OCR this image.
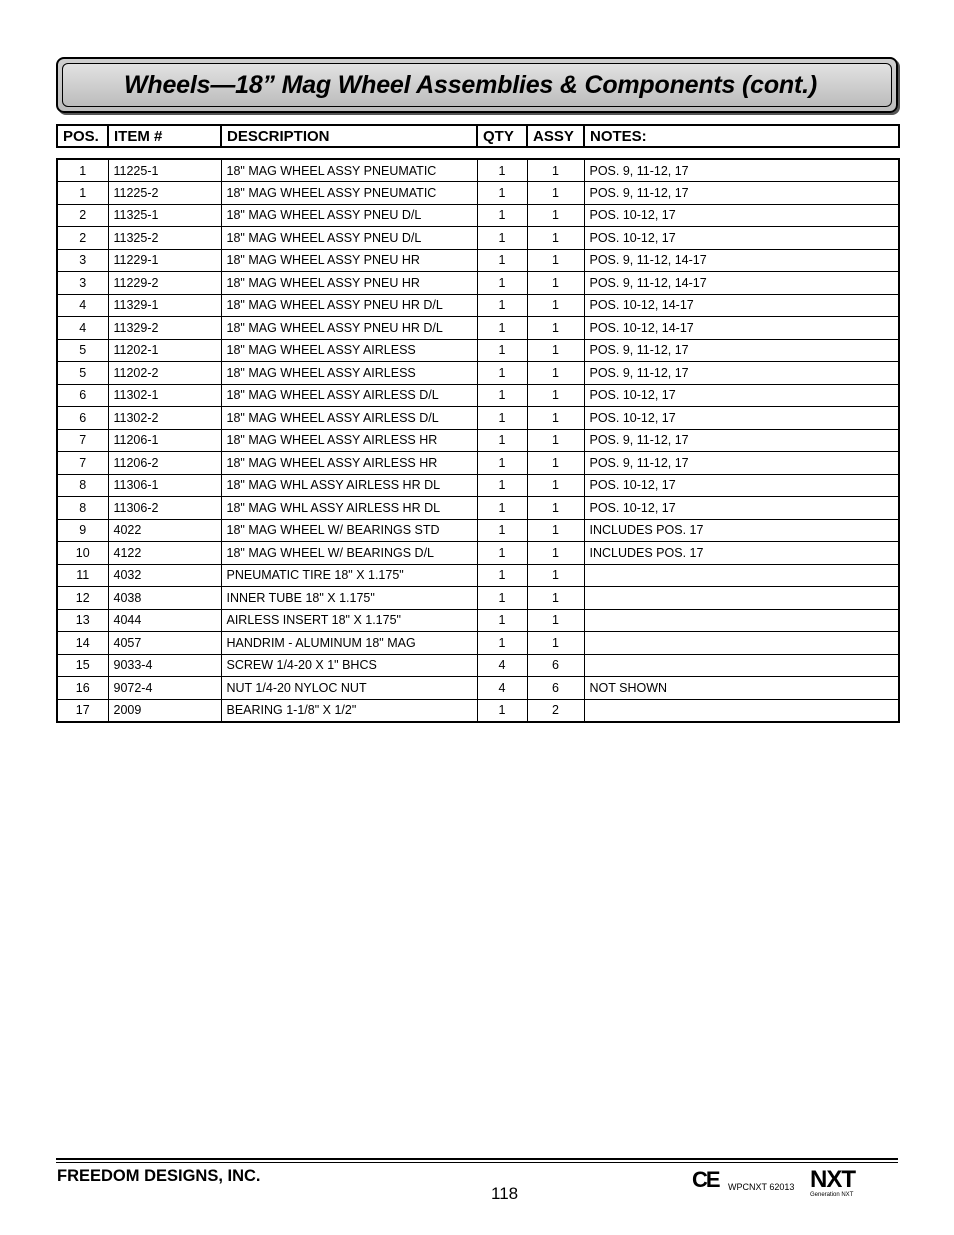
Wheels—18” Mag Wheel Assemblies & Components (cont.)
POS.	ITEM #	DESCRIPTION	QTY	ASSY	NOTES:
1	11225-1	18" MAG WHEEL ASSY PNEUMATIC	1	1	POS. 9, 11-12, 17
1	11225-2	18" MAG WHEEL ASSY PNEUMATIC	1	1	POS. 9, 11-12, 17
2	11325-1	18" MAG WHEEL ASSY PNEU D/L	1	1	POS. 10-12, 17
2	11325-2	18" MAG WHEEL ASSY PNEU D/L	1	1	POS. 10-12, 17
3	11229-1	18" MAG WHEEL ASSY PNEU HR	1	1	POS. 9, 11-12, 14-17
3	11229-2	18" MAG WHEEL ASSY PNEU HR	1	1	POS. 9, 11-12, 14-17
4	11329-1	18" MAG WHEEL ASSY PNEU HR D/L	1	1	POS. 10-12, 14-17
4	11329-2	18" MAG WHEEL ASSY PNEU HR D/L	1	1	POS. 10-12, 14-17
5	11202-1	18" MAG WHEEL ASSY AIRLESS	1	1	POS. 9, 11-12, 17
5	11202-2	18" MAG WHEEL ASSY AIRLESS	1	1	POS. 9, 11-12, 17
6	11302-1	18" MAG WHEEL ASSY AIRLESS D/L	1	1	POS. 10-12, 17
6	11302-2	18" MAG WHEEL ASSY AIRLESS D/L	1	1	POS. 10-12, 17
7	11206-1	18" MAG WHEEL ASSY AIRLESS HR	1	1	POS. 9, 11-12, 17
7	11206-2	18" MAG WHEEL ASSY AIRLESS HR	1	1	POS. 9, 11-12, 17
8	11306-1	18" MAG WHL ASSY AIRLESS HR DL	1	1	POS. 10-12, 17
8	11306-2	18" MAG WHL ASSY AIRLESS HR DL	1	1	POS. 10-12, 17
9	4022	18" MAG WHEEL W/ BEARINGS STD	1	1	INCLUDES POS. 17
10	4122	18" MAG WHEEL W/ BEARINGS D/L	1	1	INCLUDES POS. 17
11	4032	PNEUMATIC TIRE 18" X 1.175"	1	1	
12	4038	INNER TUBE 18" X 1.175"	1	1	
13	4044	AIRLESS INSERT 18" X 1.175"	1	1	
14	4057	HANDRIM - ALUMINUM 18" MAG	1	1	
15	9033-4	SCREW 1/4-20 X 1" BHCS	4	6	
16	9072-4	NUT 1/4-20 NYLOC NUT	4	6	NOT SHOWN
17	2009	BEARING 1-1/8" X 1/2"	1	2	
FREEDOM DESIGNS, INC.
118
CE WPCNXT 62013 NXT
Generation NXT
